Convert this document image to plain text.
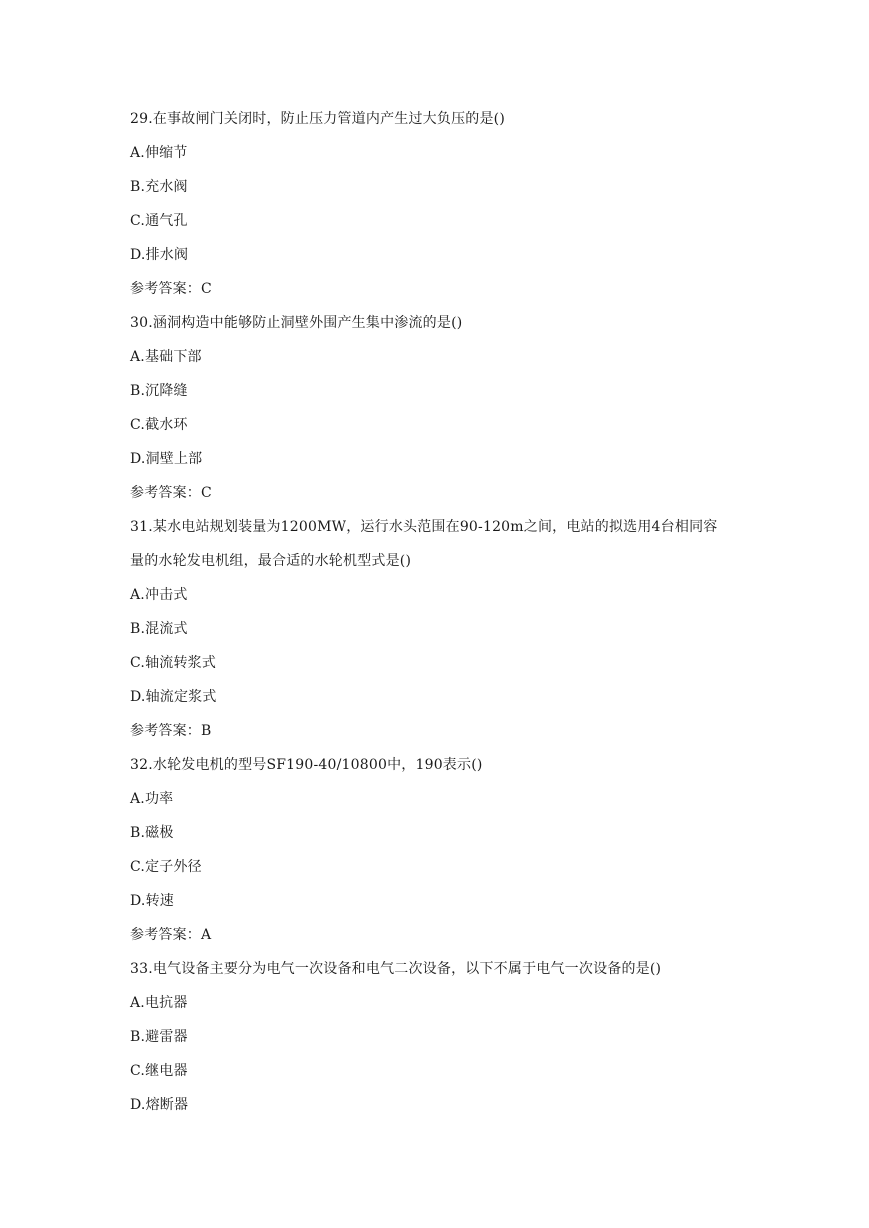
29.在事故闸门关闭时，防止压力管道内产生过大负压的是()
A.伸缩节
B.充水阀
C.通气孔
D.排水阀
参考答案：C
30.涵洞构造中能够防止洞壁外围产生集中渗流的是()
A.基础下部
B.沉降缝
C.截水环
D.洞壁上部
参考答案：C
31.某水电站规划装量为1200MW，运行水头范围在90-120m之间，电站的拟选用4台相同容
量的水轮发电机组，最合适的水轮机型式是()
A.冲击式
B.混流式
C.轴流转浆式
D.轴流定浆式
参考答案：B
32.水轮发电机的型号SF190-40/10800中，190表示()
A.功率
B.磁极
C.定子外径
D.转速
参考答案：A
33.电气设备主要分为电气一次设备和电气二次设备，以下不属于电气一次设备的是()
A.电抗器
B.避雷器
C.继电器
D.熔断器
